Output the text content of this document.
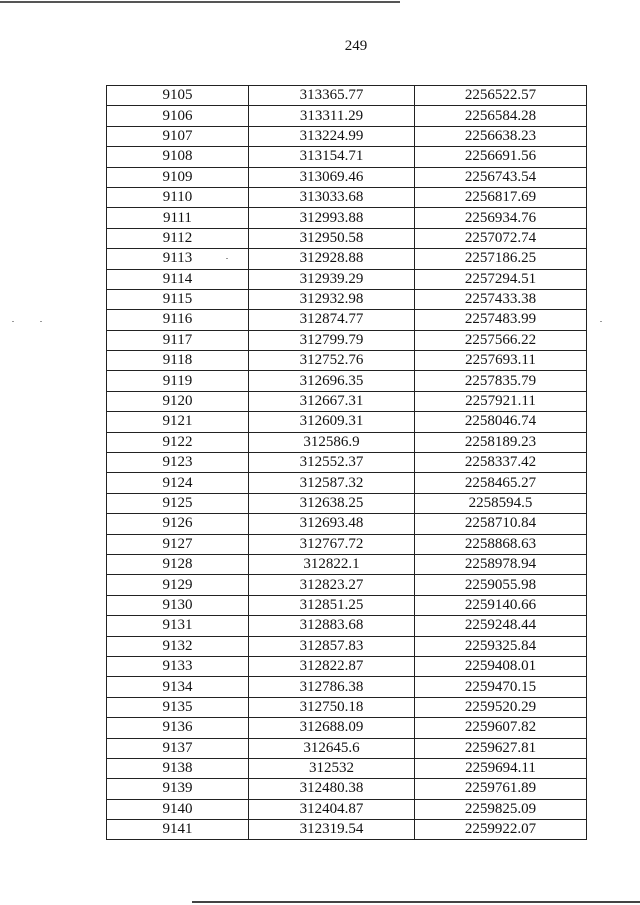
249
9105	313365.77	2256522.57
9106	313311.29	2256584.28
9107	313224.99	2256638.23
9108	313154.71	2256691.56
9109	313069.46	2256743.54
9110	313033.68	2256817.69
9111	312993.88	2256934.76
9112	312950.58	2257072.74
9113	312928.88	2257186.25
9114	312939.29	2257294.51
9115	312932.98	2257433.38
9116	312874.77	2257483.99
9117	312799.79	2257566.22
9118	312752.76	2257693.11
9119	312696.35	2257835.79
9120	312667.31	2257921.11
9121	312609.31	2258046.74
9122	312586.9	2258189.23
9123	312552.37	2258337.42
9124	312587.32	2258465.27
9125	312638.25	2258594.5
9126	312693.48	2258710.84
9127	312767.72	2258868.63
9128	312822.1	2258978.94
9129	312823.27	2259055.98
9130	312851.25	2259140.66
9131	312883.68	2259248.44
9132	312857.83	2259325.84
9133	312822.87	2259408.01
9134	312786.38	2259470.15
9135	312750.18	2259520.29
9136	312688.09	2259607.82
9137	312645.6	2259627.81
9138	312532	2259694.11
9139	312480.38	2259761.89
9140	312404.87	2259825.09
9141	312319.54	2259922.07
